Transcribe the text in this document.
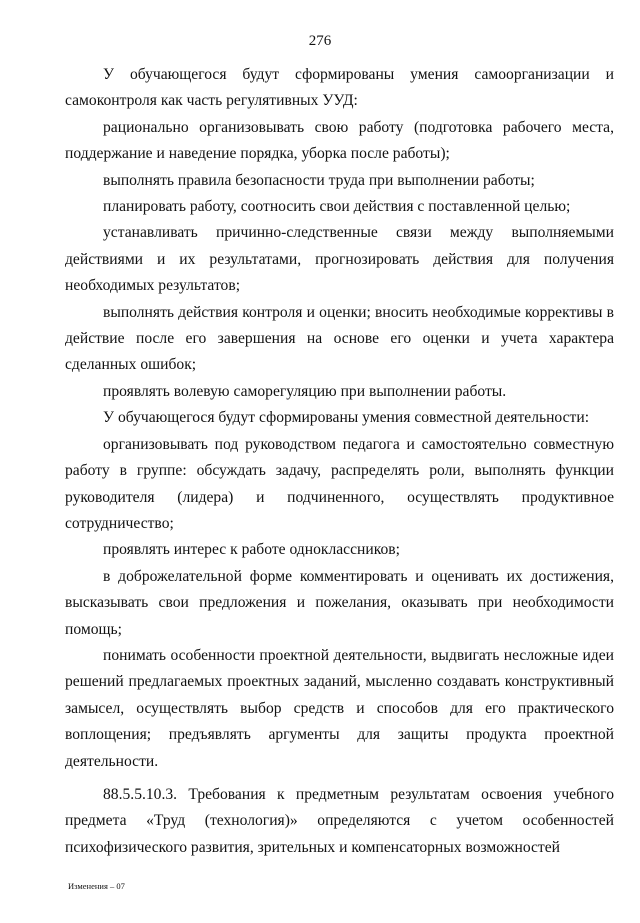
276

У обучающегося будут сформированы умения самоорганизации и самоконтроля как часть регулятивных УУД:

рационально организовывать свою работу (подготовка рабочего места, поддержание и наведение порядка, уборка после работы);

выполнять правила безопасности труда при выполнении работы;

планировать работу, соотносить свои действия с поставленной целью;

устанавливать причинно-следственные связи между выполняемыми действиями и их результатами, прогнозировать действия для получения необходимых результатов;

выполнять действия контроля и оценки; вносить необходимые коррективы в действие после его завершения на основе его оценки и учета характера сделанных ошибок;

проявлять волевую саморегуляцию при выполнении работы.

У обучающегося будут сформированы умения совместной деятельности:

организовывать под руководством педагога и самостоятельно совместную работу в группе: обсуждать задачу, распределять роли, выполнять функции руководителя (лидера) и подчиненного, осуществлять продуктивное сотрудничество;

проявлять интерес к работе одноклассников;

в доброжелательной форме комментировать и оценивать их достижения, высказывать свои предложения и пожелания, оказывать при необходимости помощь;

понимать особенности проектной деятельности, выдвигать несложные идеи решений предлагаемых проектных заданий, мысленно создавать конструктивный замысел, осуществлять выбор средств и способов для его практического воплощения; предъявлять аргументы для защиты продукта проектной деятельности.

88.5.5.10.3. Требования к предметным результатам освоения учебного предмета «Труд (технология)» определяются с учетом особенностей психофизического развития, зрительных и компенсаторных возможностей

Изменения – 07
